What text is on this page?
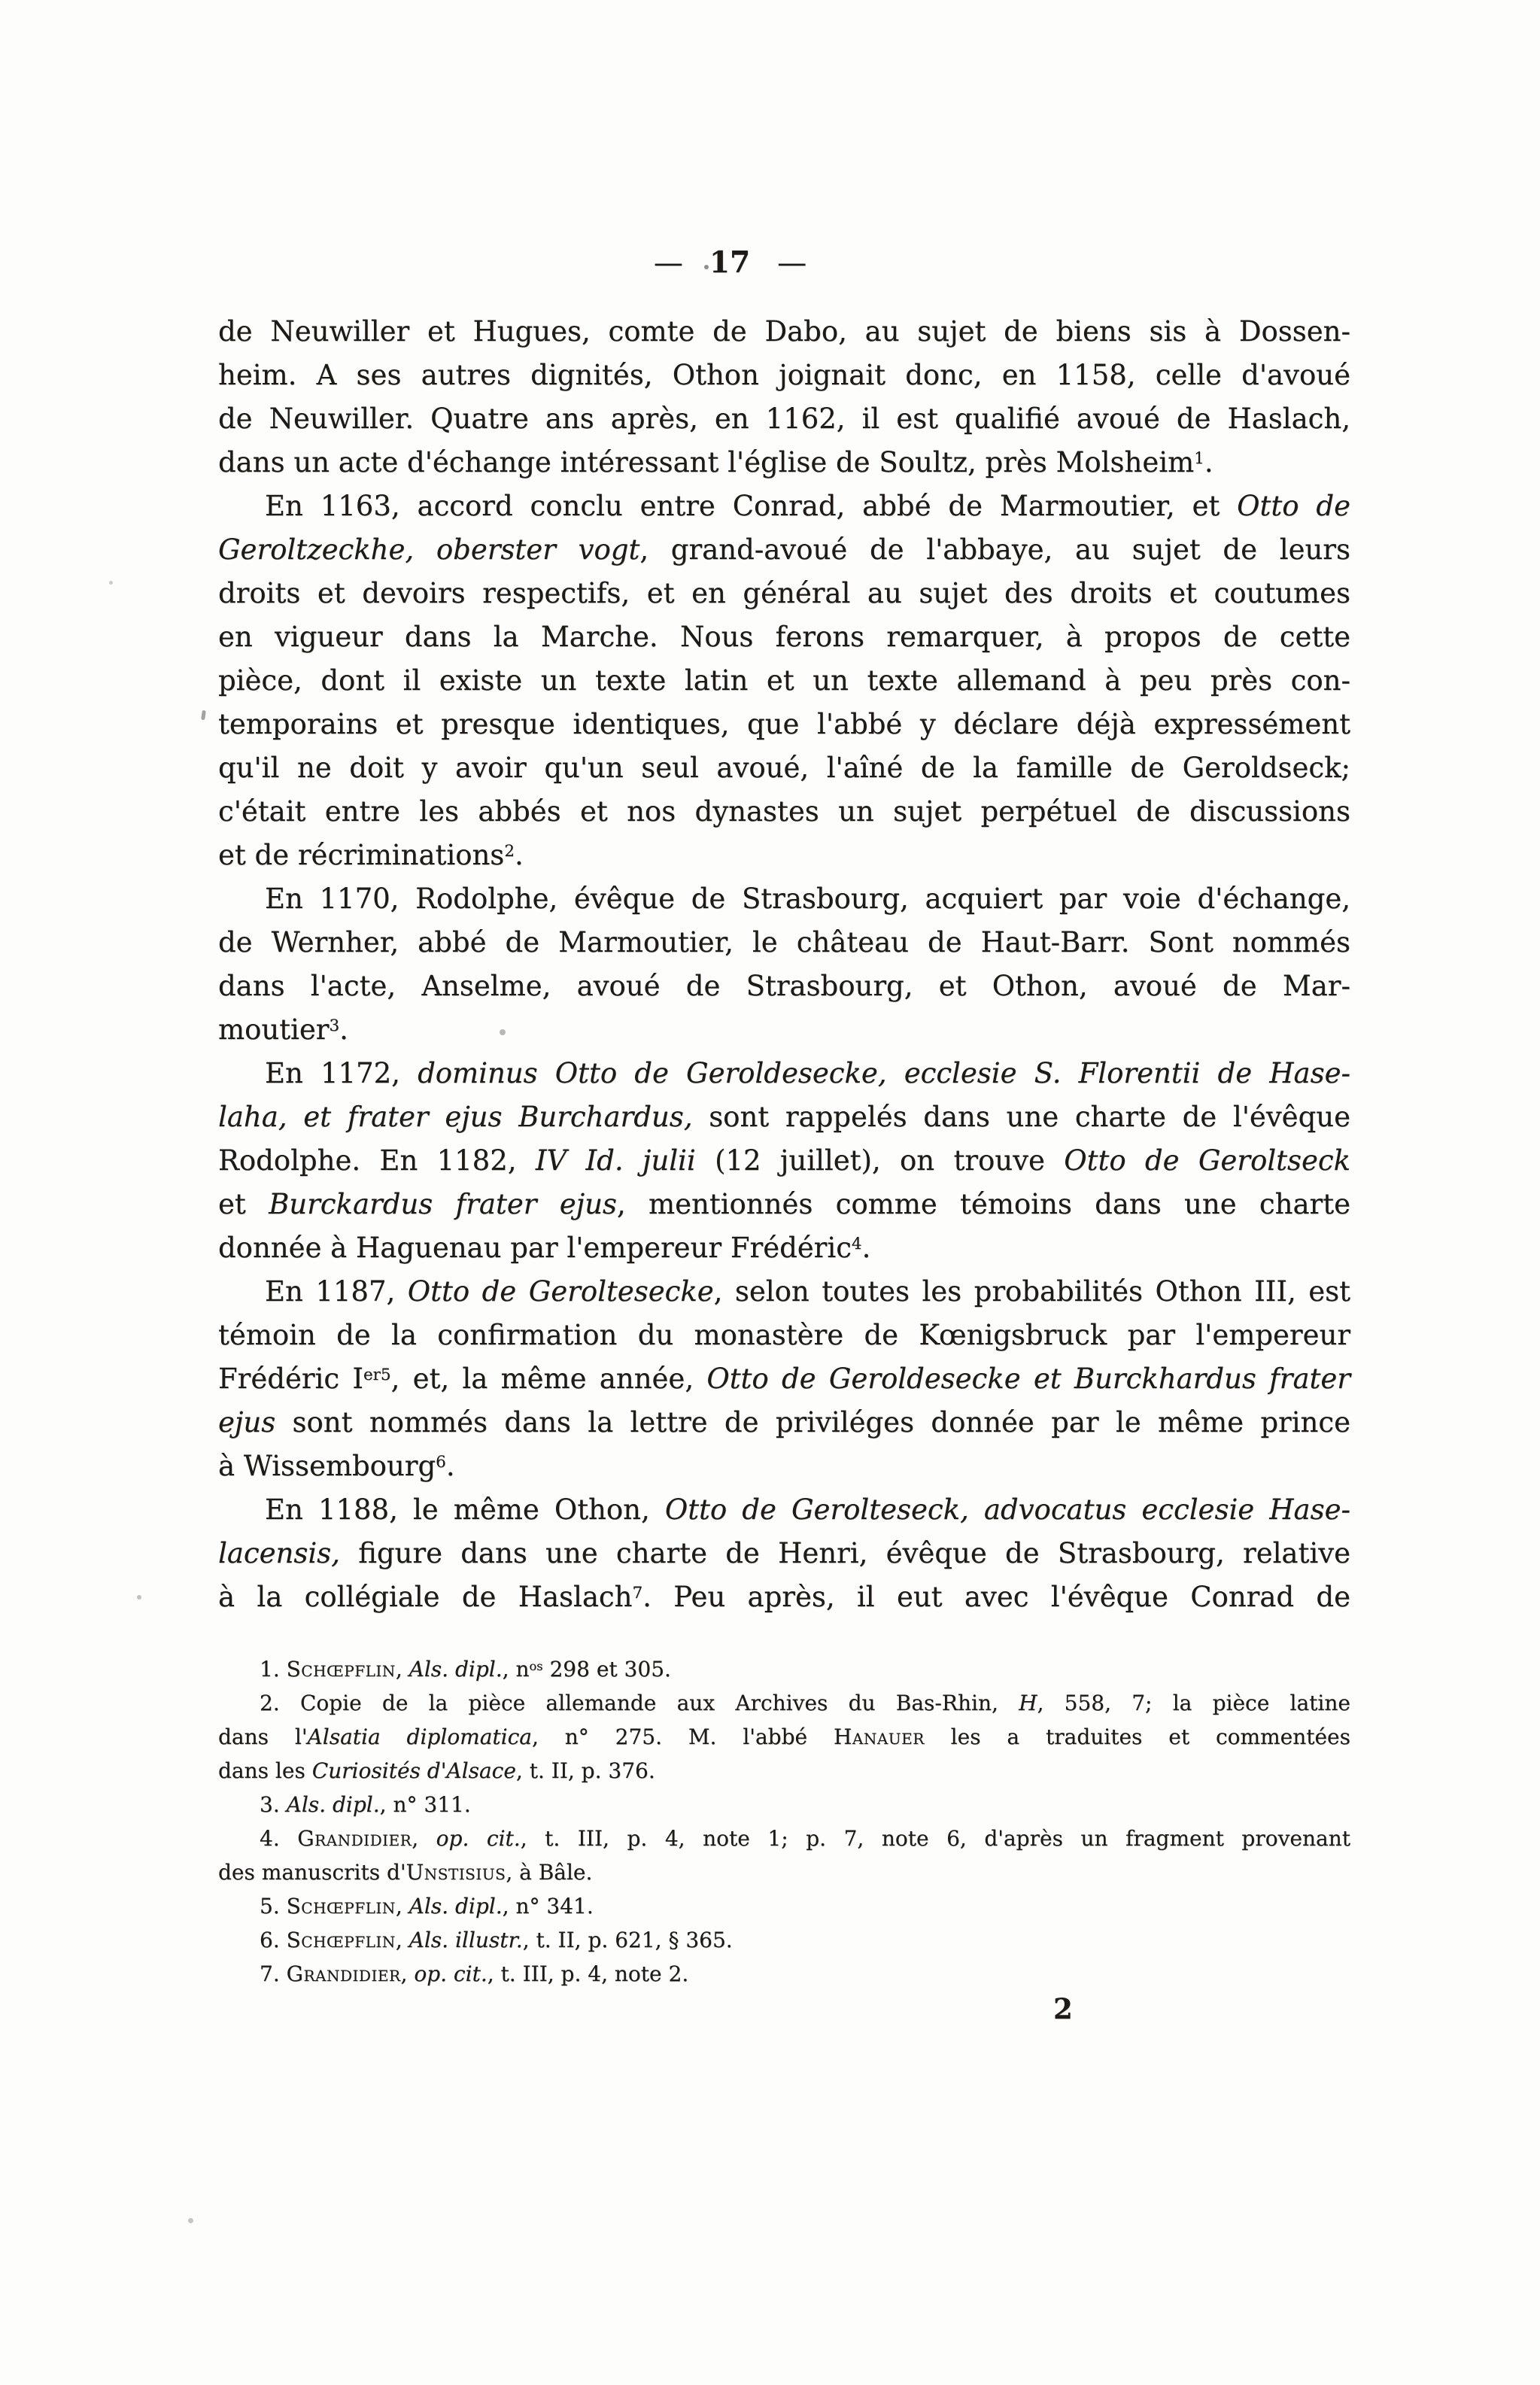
— 17 —
de Neuwiller et Hugues, comte de Dabo, au sujet de biens sis à Dossen-
heim. A ses autres dignités, Othon joignait donc, en 1158, celle d'avoué
de Neuwiller. Quatre ans après, en 1162, il est qualifié avoué de Haslach,
dans un acte d'échange intéressant l'église de Soultz, près Molsheim$^1$.
En 1163, accord conclu entre Conrad, abbé de Marmoutier, et Otto de
Geroltzeckhe, oberster vogt, grand-avoué de l'abbaye, au sujet de leurs
droits et devoirs respectifs, et en général au sujet des droits et coutumes
en vigueur dans la Marche. Nous ferons remarquer, à propos de cette
pièce, dont il existe un texte latin et un texte allemand à peu près con-
temporains et presque identiques, que l'abbé y déclare déjà expressément
qu'il ne doit y avoir qu'un seul avoué, l'aîné de la famille de Geroldseck;
c'était entre les abbés et nos dynastes un sujet perpétuel de discussions
et de récriminations$^2$.
En 1170, Rodolphe, évêque de Strasbourg, acquiert par voie d'échange,
de Wernher, abbé de Marmoutier, le château de Haut-Barr. Sont nommés
dans l'acte, Anselme, avoué de Strasbourg, et Othon, avoué de Mar-
moutier$^3$.
En 1172, dominus Otto de Geroldesecke, ecclesie S. Florentii de Hase-
laha, et frater ejus Burchardus, sont rappelés dans une charte de l'évêque
Rodolphe. En 1182, IV Id. julii (12 juillet), on trouve Otto de Geroltseck
et Burckardus frater ejus, mentionnés comme témoins dans une charte
donnée à Haguenau par l'empereur Frédéric$^4$.
En 1187, Otto de Geroltesecke, selon toutes les probabilités Othon III, est
témoin de la confirmation du monastère de Kœnigsbruck par l'empereur
Frédéric $I^{er5}$, et, la même année, Otto de Geroldesecke et Burckhardus frater
ejus sont nommés dans la lettre de priviléges donnée par le même prince
à Wissembourg$^6$.
En 1188, le même Othon, Otto de Gerolteseck, advocatus ecclesie Hase-
lacensis, figure dans une charte de Henri, évêque de Strasbourg, relative
à la collégiale de Haslach$^7$. Peu après, il eut avec l'évêque Conrad de
1. Schœpflin, Als. dipl., $n^{os}$ 298 et 305.
2. Copie de la pièce allemande aux Archives du Bas-Rhin, H, 558, 7; la pièce latine
dans l'Alsatia diplomatica, n° 275. M. l'abbé Hanauer les a traduites et commentées
dans les Curiosités d'Alsace, t. II, p. 376.
3. Als. dipl., n° 311.
4. Grandidier, op. cit., t. III, p. 4, note 1; p. 7, note 6, d'après un fragment provenant
des manuscrits d'Unstisius, à Bâle.
5. Schœpflin, Als. dipl., n° 341.
6. Schœpflin, Als. illustr., t. II, p. 621, § 365.
7. Grandidier, op. cit., t. III, p. 4, note 2.
2
